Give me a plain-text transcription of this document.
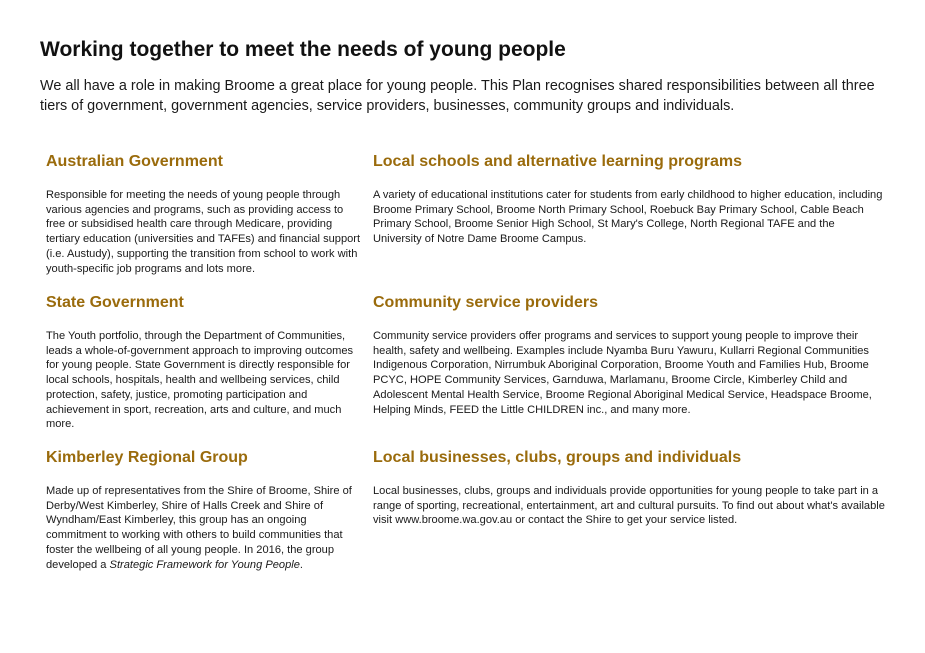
Working together to meet the needs of young people

We all have a role in making Broome a great place for young people. This Plan recognises shared responsibilities between all three tiers of government, government agencies, service providers, businesses, community groups and individuals.

Australian Government

Responsible for meeting the needs of young people through various agencies and programs, such as providing access to free or subsidised health care through Medicare, providing tertiary education (universities and TAFEs) and financial support (i.e. Austudy), supporting the transition from school to work with youth-specific job programs and lots more.

State Government

The Youth portfolio, through the Department of Communities, leads a whole-of-government approach to improving outcomes for young people. State Government is directly responsible for local schools, hospitals, health and wellbeing services, child protection, safety, justice, promoting participation and achievement in sport, recreation, arts and culture, and much more.

Kimberley Regional Group

Made up of representatives from the Shire of Broome, Shire of Derby/West Kimberley, Shire of Halls Creek and Shire of Wyndham/East Kimberley, this group has an ongoing commitment to working with others to build communities that foster the wellbeing of all young people. In 2016, the group developed a Strategic Framework for Young People.

Local schools and alternative learning programs

A variety of educational institutions cater for students from early childhood to higher education, including Broome Primary School, Broome North Primary School, Roebuck Bay Primary School, Cable Beach Primary School, Broome Senior High School, St Mary's College, North Regional TAFE and the University of Notre Dame Broome Campus.

Community service providers

Community service providers offer programs and services to support young people to improve their health, safety and wellbeing. Examples include Nyamba Buru Yawuru, Kullarri Regional Communities Indigenous Corporation, Nirrumbuk Aboriginal Corporation, Broome Youth and Families Hub, Broome PCYC, HOPE Community Services, Garnduwa, Marlamanu, Broome Circle, Kimberley Child and Adolescent Mental Health Service, Broome Regional Aboriginal Medical Service, Headspace Broome, Helping Minds, FEED the Little CHILDREN inc., and many more.

Local businesses, clubs, groups and individuals

Local businesses, clubs, groups and individuals provide opportunities for young people to take part in a range of sporting, recreational, entertainment, art and cultural pursuits. To find out about what's available visit www.broome.wa.gov.au or contact the Shire to get your service listed.
